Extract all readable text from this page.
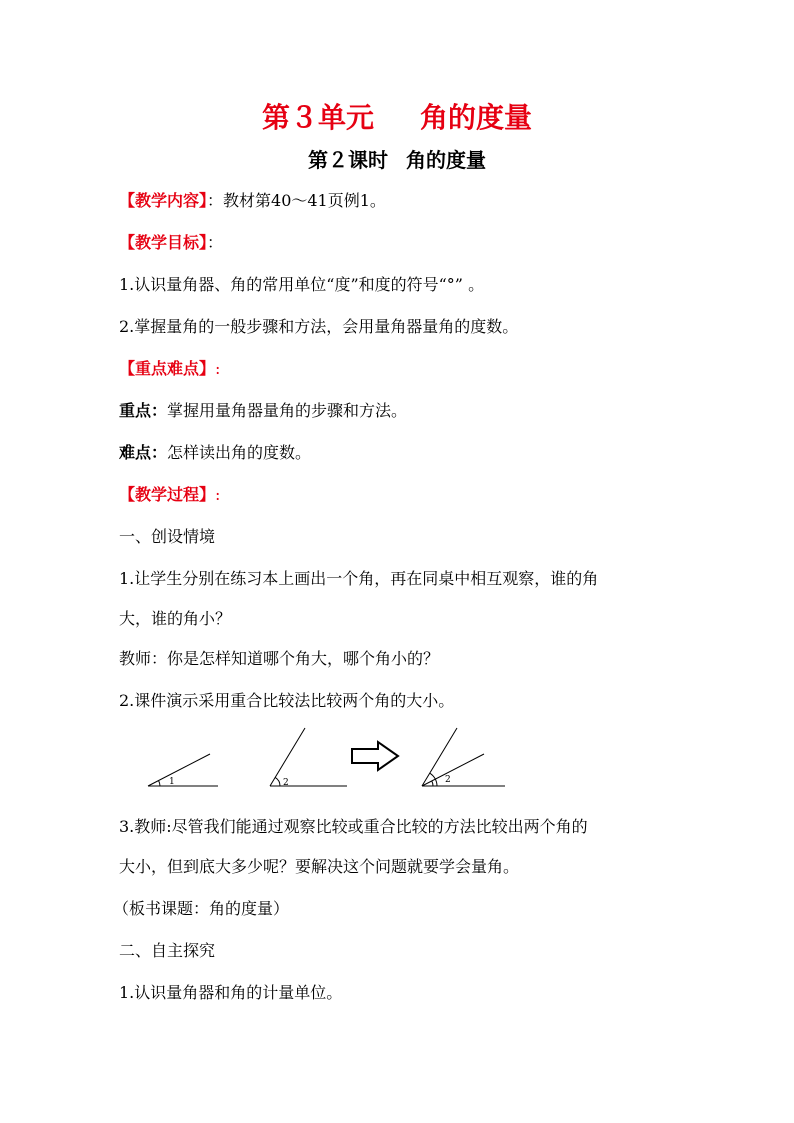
第３单元 角的度量
第２课时 角的度量
【教学内容】：教材第40～41页例1。
【教学目标】：
1.认识量角器、角的常用单位“度”和度的符号“°” 。
2.掌握量角的一般步骤和方法，会用量角器量角的度数。
【重点难点】:
重点：掌握用量角器量角的步骤和方法。
难点：怎样读出角的度数。
【教学过程】:
一、创设情境
1.让学生分别在练习本上画出一个角，再在同桌中相互观察，谁的角
大，谁的角小？
教师：你是怎样知道哪个角大，哪个角小的？
2.课件演示采用重合比较法比较两个角的大小。
1	2	2
3.教师:尽管我们能通过观察比较或重合比较的方法比较出两个角的
大小，但到底大多少呢？要解决这个问题就要学会量角。
（板书课题：角的度量）
二、自主探究
1.认识量角器和角的计量单位。
